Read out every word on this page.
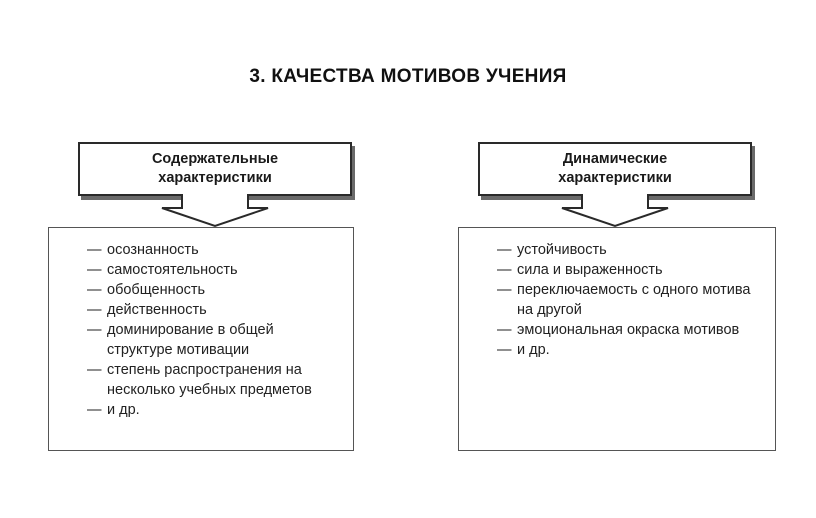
3. КАЧЕСТВА МОТИВОВ УЧЕНИЯ
Содержательные
характеристики
Динамические
характеристики
— осознанность
— самостоятельность
— обобщенность
— действенность
— доминирование в общей структуре мотивации
— степень распространения на несколько учебных предметов
— и др.
— устойчивость
— сила и выраженность
— переключаемость с одного мотива на другой
— эмоциональная окраска мотивов
— и др.
